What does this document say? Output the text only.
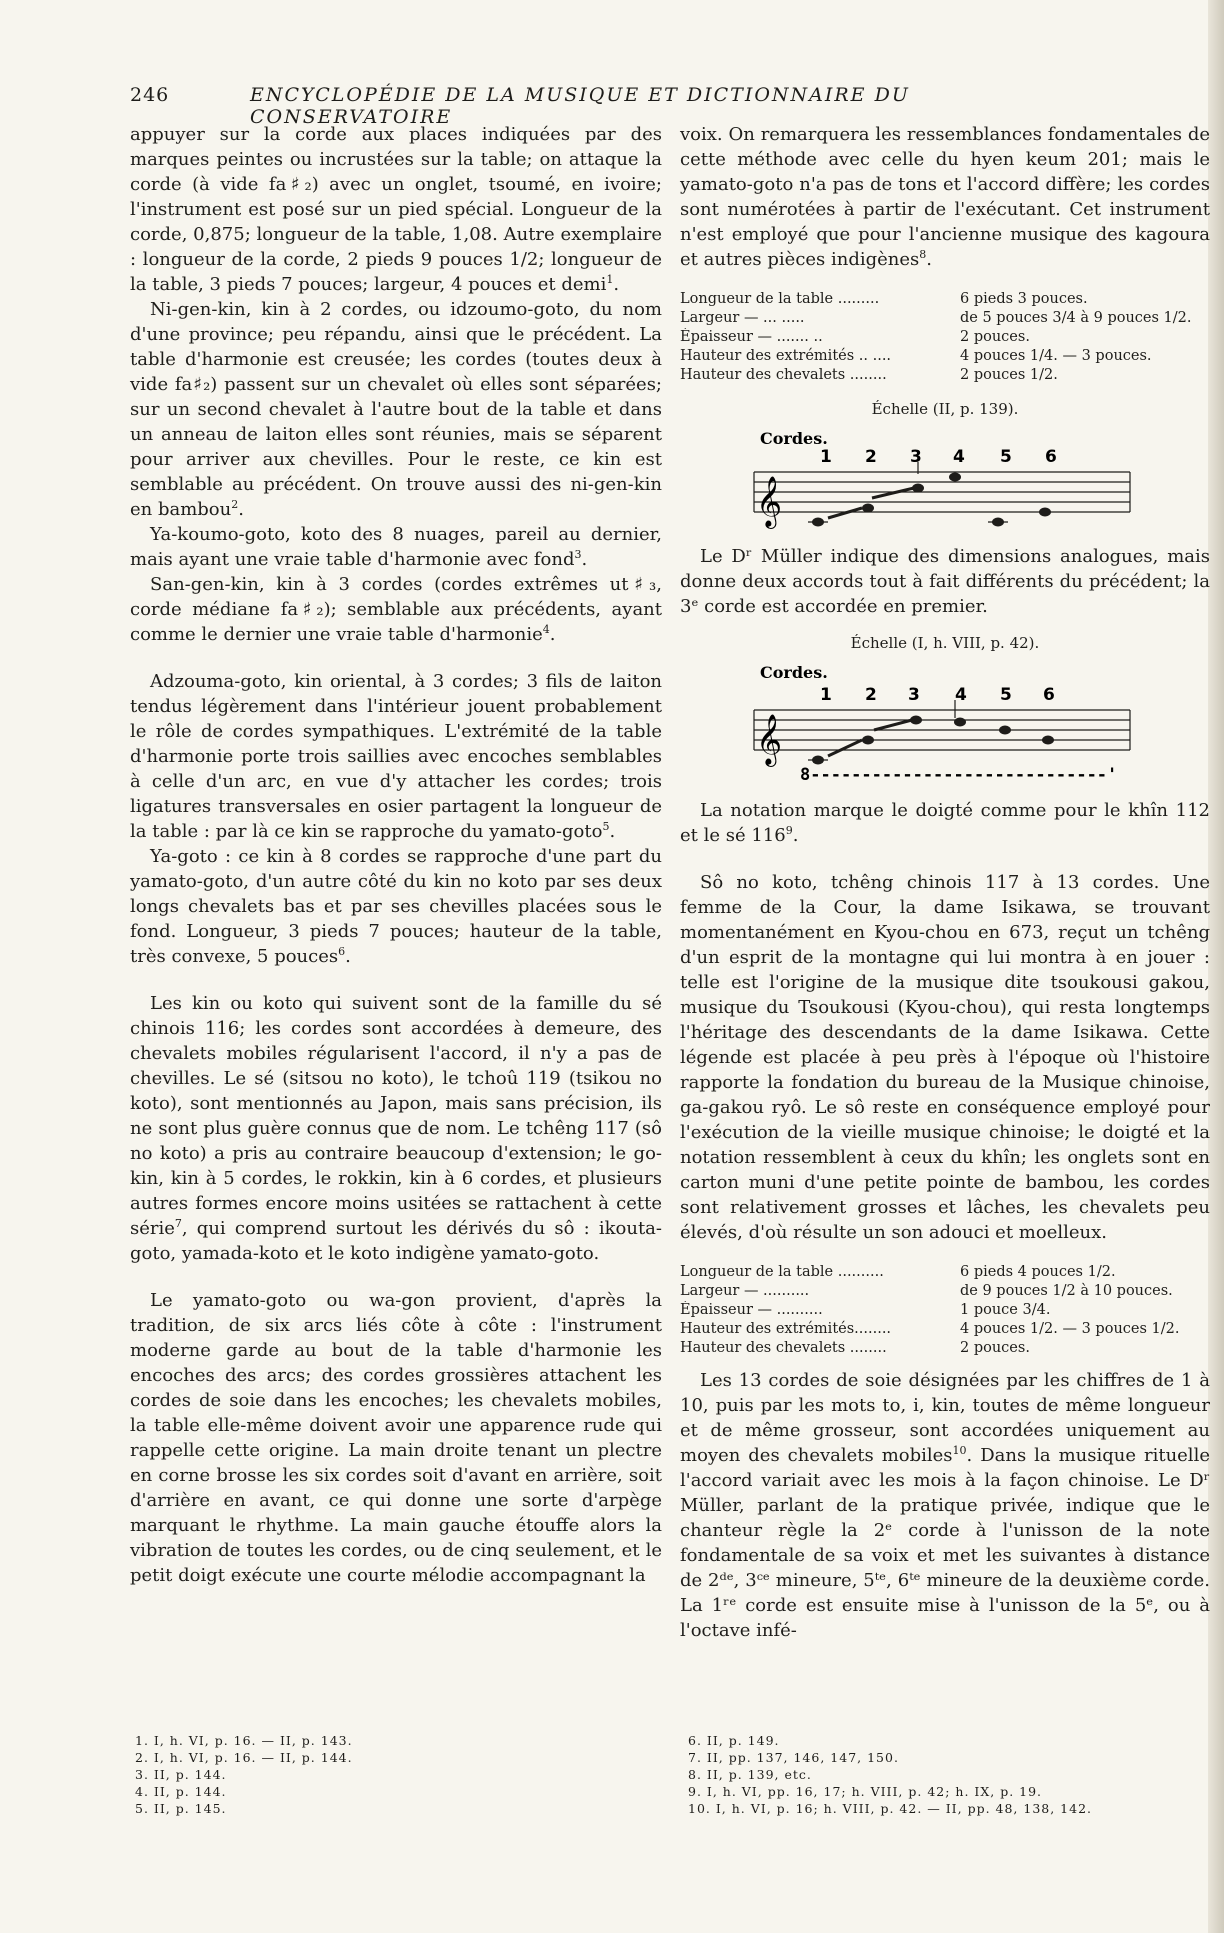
246	ENCYCLOPÉDIE DE LA MUSIQUE ET DICTIONNAIRE DU CONSERVATOIRE

appuyer sur la corde aux places indiquées par des marques peintes ou incrustées sur la table; on attaque la corde (à vide fa♯₂) avec un onglet, tsoumé, en ivoire; l'instrument est posé sur un pied spécial. Longueur de la corde, 0,875; longueur de la table, 1,08. Autre exemplaire : longueur de la corde, 2 pieds 9 pouces 1/2; longueur de la table, 3 pieds 7 pouces; largeur, 4 pouces et demi$^1$.

Ni-gen-kin, kin à 2 cordes, ou idzoumo-goto, du nom d'une province; peu répandu, ainsi que le précédent. La table d'harmonie est creusée; les cordes (toutes deux à vide fa♯₂) passent sur un chevalet où elles sont séparées; sur un second chevalet à l'autre bout de la table et dans un anneau de laiton elles sont réunies, mais se séparent pour arriver aux chevilles. Pour le reste, ce kin est semblable au précédent. On trouve aussi des ni-gen-kin en bambou$^2$.

Ya-koumo-goto, koto des 8 nuages, pareil au dernier, mais ayant une vraie table d'harmonie avec fond$^3$.

San-gen-kin, kin à 3 cordes (cordes extrêmes ut♯₃, corde médiane fa♯₂); semblable aux précédents, ayant comme le dernier une vraie table d'harmonie$^4$.

Adzouma-goto, kin oriental, à 3 cordes; 3 fils de laiton tendus légèrement dans l'intérieur jouent probablement le rôle de cordes sympathiques. L'extrémité de la table d'harmonie porte trois saillies avec encoches semblables à celle d'un arc, en vue d'y attacher les cordes; trois ligatures transversales en osier partagent la longueur de la table : par là ce kin se rapproche du yamato-goto$^5$.

Ya-goto : ce kin à 8 cordes se rapproche d'une part du yamato-goto, d'un autre côté du kin no koto par ses deux longs chevalets bas et par ses chevilles placées sous le fond. Longueur, 3 pieds 7 pouces; hauteur de la table, très convexe, 5 pouces$^6$.

Les kin ou koto qui suivent sont de la famille du sé chinois 116; les cordes sont accordées à demeure, des chevalets mobiles régularisent l'accord, il n'y a pas de chevilles. Le sé (sitsou no koto), le tchoû 119 (tsikou no koto), sont mentionnés au Japon, mais sans précision, ils ne sont plus guère connus que de nom. Le tchêng 117 (sô no koto) a pris au contraire beaucoup d'extension; le go-kin, kin à 5 cordes, le rokkin, kin à 6 cordes, et plusieurs autres formes encore moins usitées se rattachent à cette série$^7$, qui comprend surtout les dérivés du sô : ikouta-goto, yamada-koto et le koto indigène yamato-goto.

Le yamato-goto ou wa-gon provient, d'après la tradition, de six arcs liés côte à côte : l'instrument moderne garde au bout de la table d'harmonie les encoches des arcs; des cordes grossières attachent les cordes de soie dans les encoches; les chevalets mobiles, la table elle-même doivent avoir une apparence rude qui rappelle cette origine. La main droite tenant un plectre en corne brosse les six cordes soit d'avant en arrière, soit d'arrière en avant, ce qui donne une sorte d'arpège marquant le rhythme. La main gauche étouffe alors la vibration de toutes les cordes, ou de cinq seulement, et le petit doigt exécute une courte mélodie accompagnant la

voix. On remarquera les ressemblances fondamentales de cette méthode avec celle du hyen keum 201; mais le yamato-goto n'a pas de tons et l'accord diffère; les cordes sont numérotées à partir de l'exécutant. Cet instrument n'est employé que pour l'ancienne musique des kagoura et autres pièces indigènes$^8$.

Longueur de la table .........	6 pieds 3 pouces.
Largeur — ... .....	de 5 pouces 3/4 à 9 pouces 1/2.
Épaisseur — ....... ..	2 pouces.
Hauteur des extrémités .. ....	4 pouces 1/4. — 3 pouces.
Hauteur des chevalets ........	2 pouces 1/2.
Échelle (II, p. 139).
Cordes.
1 2 3 4 5 6
𝄞

Le Dʳ Müller indique des dimensions analogues, mais donne deux accords tout à fait différents du précédent; la 3ᵉ corde est accordée en premier.

Échelle (I, h. VIII, p. 42).
Cordes.
1 2 3 4 5 6
𝄞
8-----------------------------'

La notation marque le doigté comme pour le khîn 112 et le sé $116^9$.

Sô no koto, tchêng chinois 117 à 13 cordes. Une femme de la Cour, la dame Isikawa, se trouvant momentanément en Kyou-chou en 673, reçut un tchêng d'un esprit de la montagne qui lui montra à en jouer : telle est l'origine de la musique dite tsoukousi gakou, musique du Tsoukousi (Kyou-chou), qui resta longtemps l'héritage des descendants de la dame Isikawa. Cette légende est placée à peu près à l'époque où l'histoire rapporte la fondation du bureau de la Musique chinoise, ga-gakou ryô. Le sô reste en conséquence employé pour l'exécution de la vieille musique chinoise; le doigté et la notation ressemblent à ceux du khîn; les onglets sont en carton muni d'une petite pointe de bambou, les cordes sont relativement grosses et lâches, les chevalets peu élevés, d'où résulte un son adouci et moelleux.

Longueur de la table ..........	6 pieds 4 pouces 1/2.
Largeur — ..........	de 9 pouces 1/2 à 10 pouces.
Épaisseur — ..........	1 pouce 3/4.
Hauteur des extrémités........	4 pouces 1/2. — 3 pouces 1/2.
Hauteur des chevalets ........	2 pouces.

Les 13 cordes de soie désignées par les chiffres de 1 à 10, puis par les mots to, i, kin, toutes de même longueur et de même grosseur, sont accordées uniquement au moyen des chevalets mobiles$^{10}$. Dans la musique rituelle l'accord variait avec les mois à la façon chinoise. Le Dʳ Müller, parlant de la pratique privée, indique que le chanteur règle la 2ᵉ corde à l'unisson de la note fondamentale de sa voix et met les suivantes à distance de 2ᵈᵉ, 3ᶜᵉ mineure, 5ᵗᵉ, 6ᵗᵉ mineure de la deuxième corde. La 1ʳᵉ corde est ensuite mise à l'unisson de la 5ᵉ, ou à l'octave infé-

1. I, h. VI, p. 16. — II, p. 143.
2. I, h. VI, p. 16. — II, p. 144.
3. II, p. 144.
4. II, p. 144.
5. II, p. 145.
6. II, p. 149.
7. II, pp. 137, 146, 147, 150.
8. II, p. 139, etc.
9. I, h. VI, pp. 16, 17; h. VIII, p. 42; h. IX, p. 19.
10. I, h. VI, p. 16; h. VIII, p. 42. — II, pp. 48, 138, 142.
